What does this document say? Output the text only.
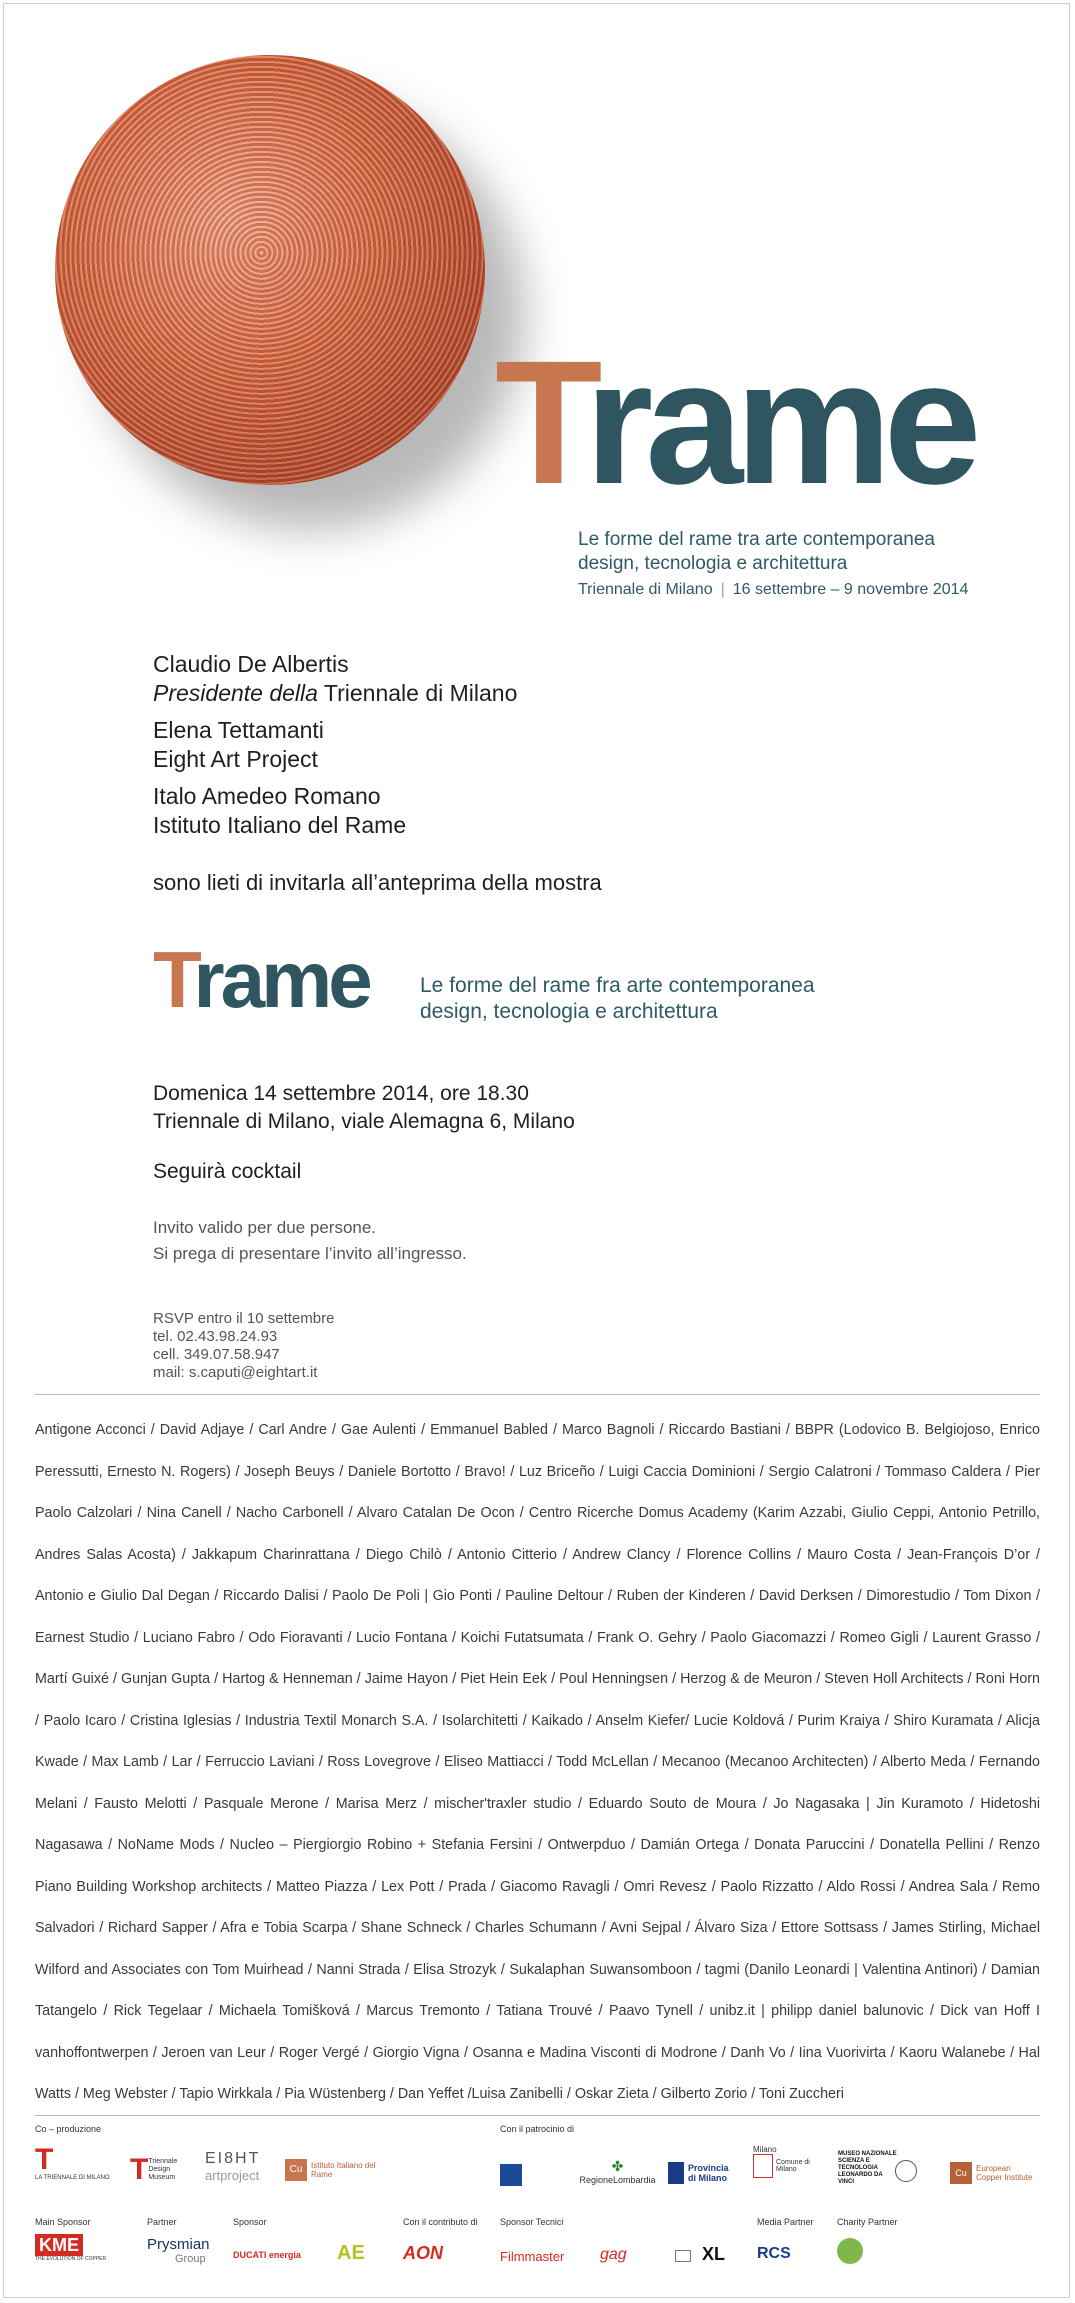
Trame
Le forme del rame tra arte contemporanea
design, tecnologia e architettura
Triennale di Milano | 16 settembre – 9 novembre 2014
Claudio De Albertis
Presidente della Triennale di Milano
Elena Tettamanti
Eight Art Project
Italo Amedeo Romano
Istituto Italiano del Rame
sono lieti di invitarla all’anteprima della mostra
Trame Le forme del rame fra arte contemporanea
design, tecnologia e architettura
Domenica 14 settembre 2014, ore 18.30
Triennale di Milano, viale Alemagna 6, Milano
Seguirà cocktail
Invito valido per due persone.
Si prega di presentare l’invito all’ingresso.
RSVP entro il 10 settembre
tel. 02.43.98.24.93
cell. 349.07.58.947
mail: s.caputi@eightart.it
Antigone Acconci / David Adjaye / Carl Andre / Gae Aulenti / Emmanuel Babled / Marco Bagnoli / Riccardo Bastiani / BBPR (Lodovico B. Belgiojoso, Enrico Peressutti, Ernesto N. Rogers) / Joseph Beuys / Daniele Bortotto / Bravo! / Luz Briceño / Luigi Caccia Dominioni / Sergio Calatroni / Tommaso Caldera / Pier Paolo Calzolari / Nina Canell / Nacho Carbonell / Alvaro Catalan De Ocon / Centro Ricerche Domus Academy (Karim Azzabi, Giulio Ceppi, Antonio Petrillo, Andres Salas Acosta) / Jakkapum Charinrattana / Diego Chilò / Antonio Citterio / Andrew Clancy / Florence Collins / Mauro Costa / Jean-François D’or / Antonio e Giulio Dal Degan / Riccardo Dalisi / Paolo De Poli | Gio Ponti / Pauline Deltour / Ruben der Kinderen / David Derksen / Dimorestudio / Tom Dixon / Earnest Studio / Luciano Fabro / Odo Fioravanti / Lucio Fontana / Koichi Futatsumata / Frank O. Gehry / Paolo Giacomazzi / Romeo Gigli / Laurent Grasso / Martí Guixé / Gunjan Gupta / Hartog & Henneman / Jaime Hayon / Piet Hein Eek / Poul Henningsen / Herzog & de Meuron / Steven Holl Architects / Roni Horn / Paolo Icaro / Cristina Iglesias / Industria Textil Monarch S.A. / Isolarchitetti / Kaikado / Anselm Kiefer/ Lucie Koldová / Purim Kraiya / Shiro Kuramata / Alicja Kwade / Max Lamb / Lar / Ferruccio Laviani / Ross Lovegrove / Eliseo Mattiacci / Todd McLellan / Mecanoo (Mecanoo Architecten) / Alberto Meda / Fernando Melani / Fausto Melotti / Pasquale Merone / Marisa Merz / mischer'traxler studio / Eduardo Souto de Moura / Jo Nagasaka | Jin Kuramoto / Hidetoshi Nagasawa / NoName Mods / Nucleo – Piergiorgio Robino + Stefania Fersini / Ontwerpduo / Damián Ortega / Donata Paruccini / Donatella Pellini / Renzo Piano Building Workshop architects / Matteo Piazza / Lex Pott / Prada / Giacomo Ravagli / Omri Revesz / Paolo Rizzatto / Aldo Rossi / Andrea Sala / Remo Salvadori / Richard Sapper / Afra e Tobia Scarpa / Shane Schneck / Charles Schumann / Avni Sejpal / Álvaro Siza / Ettore Sottsass / James Stirling, Michael Wilford and Associates con Tom Muirhead / Nanni Strada / Elisa Strozyk / Sukalaphan Suwansomboon / tagmi (Danilo Leonardi | Valentina Antinori) / Damian Tatangelo / Rick Tegelaar / Michaela Tomišková / Marcus Tremonto / Tatiana Trouvé / Paavo Tynell / unibz.it | philipp daniel balunovic / Dick van Hoff I vanhoffontwerpen / Jeroen van Leur / Roger Vergé / Giorgio Vigna / Osanna e Madina Visconti di Modrone / Danh Vo / Iina Vuorivirta / Kaoru Walanebe / Hal Watts / Meg Webster / Tapio Wirkkala / Pia Wüstenberg / Dan Yeffet /Luisa Zanibelli / Oskar Zieta / Gilberto Zorio / Toni Zuccheri
Co – produzione	Con il patrocinio di
T
LA TRIENNALE DI MILANO T Triennale Design Museum
EI8HT
artproject	Cu	Istituto Italiano del Rame
✤
RegioneLombardia
Provincia di Milano
Milano
Comune di Milano
MUSEO NAZIONALE SCIENZA E TECNOLOGIA LEONARDO DA VINCI
Cu	European Copper Institute
Main Sponsor	Partner	Sponsor	Con il contributo di Sponsor Tecnici	Media Partner	Charity Partner
KME
THE EVOLUTION OF COPPER
Prysmian
Group	DUCATI energia AE AON	Filmmaster gag	XL RCS
